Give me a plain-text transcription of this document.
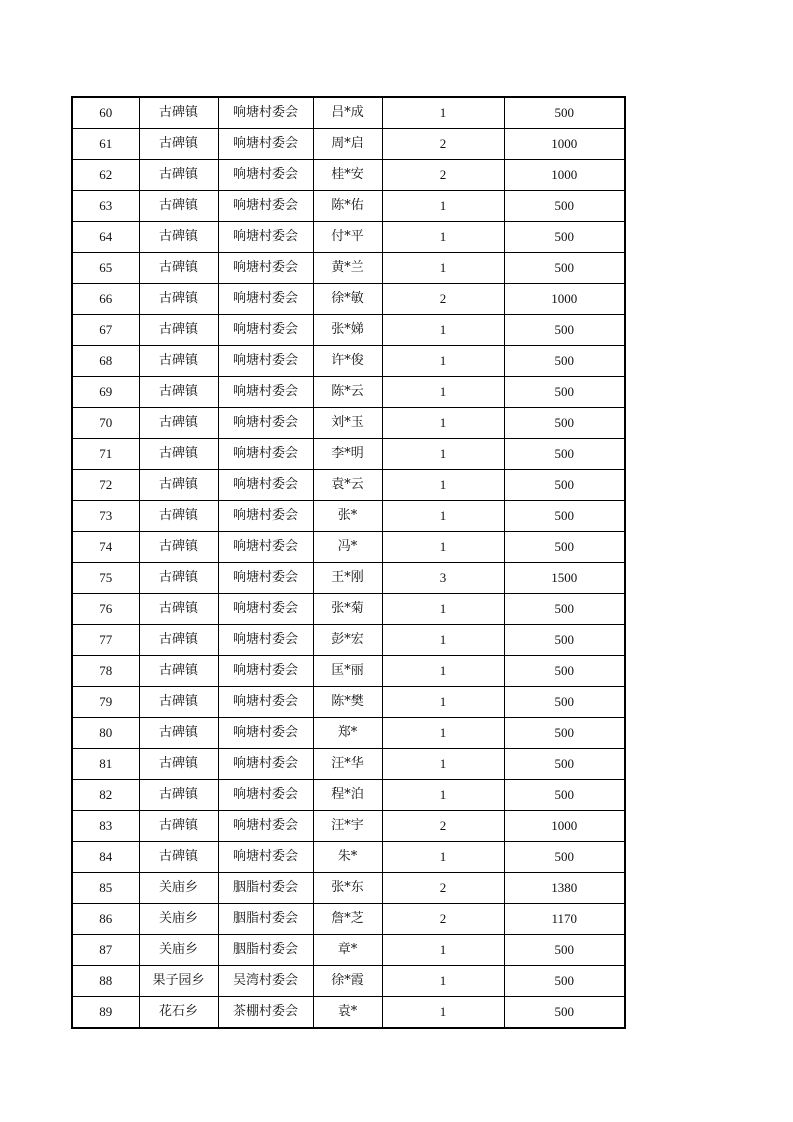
60	古碑镇	响塘村委会	吕*成	1	500
61	古碑镇	响塘村委会	周*启	2	1000
62	古碑镇	响塘村委会	桂*安	2	1000
63	古碑镇	响塘村委会	陈*佑	1	500
64	古碑镇	响塘村委会	付*平	1	500
65	古碑镇	响塘村委会	黄*兰	1	500
66	古碑镇	响塘村委会	徐*敏	2	1000
67	古碑镇	响塘村委会	张*娣	1	500
68	古碑镇	响塘村委会	许*俊	1	500
69	古碑镇	响塘村委会	陈*云	1	500
70	古碑镇	响塘村委会	刘*玉	1	500
71	古碑镇	响塘村委会	李*明	1	500
72	古碑镇	响塘村委会	袁*云	1	500
73	古碑镇	响塘村委会	张*	1	500
74	古碑镇	响塘村委会	冯*	1	500
75	古碑镇	响塘村委会	王*刚	3	1500
76	古碑镇	响塘村委会	张*菊	1	500
77	古碑镇	响塘村委会	彭*宏	1	500
78	古碑镇	响塘村委会	匡*丽	1	500
79	古碑镇	响塘村委会	陈*樊	1	500
80	古碑镇	响塘村委会	郑*	1	500
81	古碑镇	响塘村委会	汪*华	1	500
82	古碑镇	响塘村委会	程*泊	1	500
83	古碑镇	响塘村委会	汪*宇	2	1000
84	古碑镇	响塘村委会	朱*	1	500
85	关庙乡	胭脂村委会	张*东	2	1380
86	关庙乡	胭脂村委会	詹*芝	2	1170
87	关庙乡	胭脂村委会	章*	1	500
88	果子园乡	吴湾村委会	徐*霞	1	500
89	花石乡	茶棚村委会	袁*	1	500
